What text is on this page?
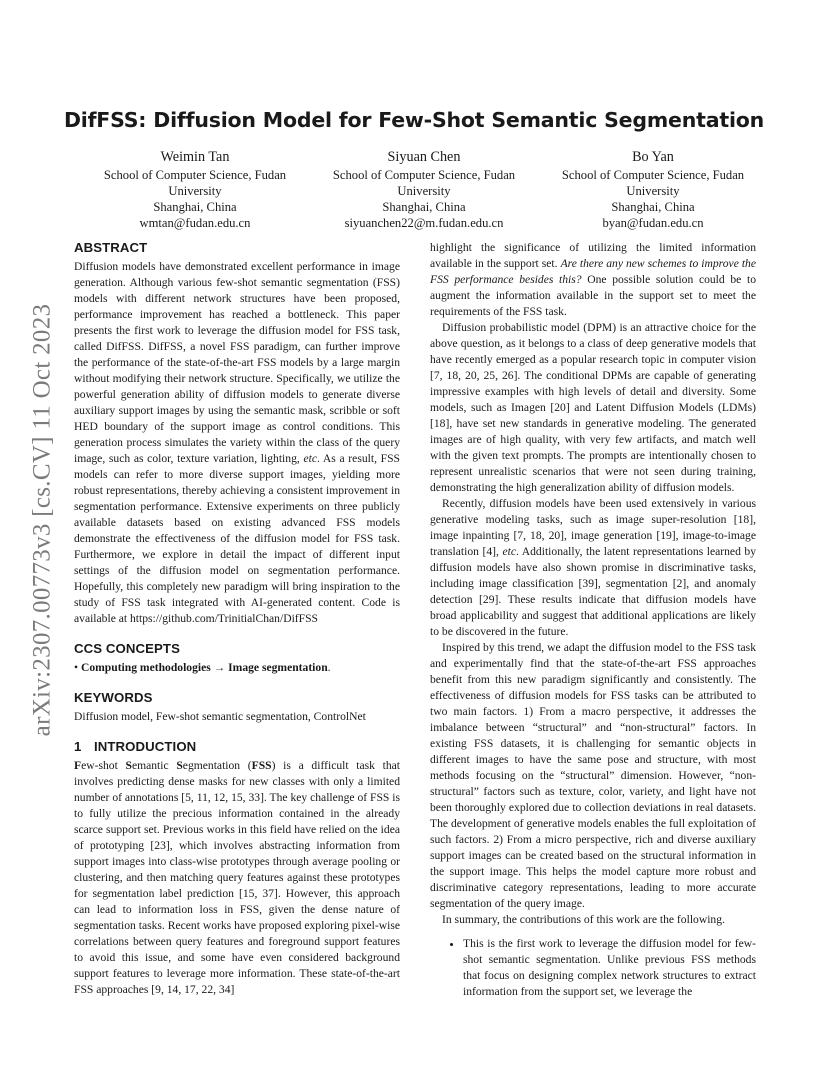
arXiv:2307.00773v3 [cs.CV] 11 Oct 2023
DifFSS: Diffusion Model for Few-Shot Semantic Segmentation
Weimin Tan
School of Computer Science, Fudan
University
Shanghai, China
wmtan@fudan.edu.cn
Siyuan Chen
School of Computer Science, Fudan
University
Shanghai, China
siyuanchen22@m.fudan.edu.cn
Bo Yan
School of Computer Science, Fudan
University
Shanghai, China
byan@fudan.edu.cn
ABSTRACT

Diffusion models have demonstrated excellent performance in image generation. Although various few-shot semantic segmentation (FSS) models with different network structures have been proposed, performance improvement has reached a bottleneck. This paper presents the first work to leverage the diffusion model for FSS task, called DifFSS. DifFSS, a novel FSS paradigm, can further improve the performance of the state-of-the-art FSS models by a large margin without modifying their network structure. Specifically, we utilize the powerful generation ability of diffusion models to generate diverse auxiliary support images by using the semantic mask, scribble or soft HED boundary of the support image as control conditions. This generation process simulates the variety within the class of the query image, such as color, texture variation, lighting, etc. As a result, FSS models can refer to more diverse support images, yielding more robust representations, thereby achieving a consistent improvement in segmentation performance. Extensive experiments on three publicly available datasets based on existing advanced FSS models demonstrate the effectiveness of the diffusion model for FSS task. Furthermore, we explore in detail the impact of different input settings of the diffusion model on segmentation performance. Hopefully, this completely new paradigm will bring inspiration to the study of FSS task integrated with AI-generated content. Code is available at https://github.com/TrinitialChan/DifFSS

CCS CONCEPTS

• Computing methodologies → Image segmentation.

KEYWORDS

Diffusion model, Few-shot semantic segmentation, ControlNet

1 INTRODUCTION

Few-shot Semantic Segmentation (FSS) is a difficult task that involves predicting dense masks for new classes with only a limited number of annotations [5, 11, 12, 15, 33]. The key challenge of FSS is to fully utilize the precious information contained in the already scarce support set. Previous works in this field have relied on the idea of prototyping [23], which involves abstracting information from support images into class-wise prototypes through average pooling or clustering, and then matching query features against these prototypes for segmentation label prediction [15, 37]. However, this approach can lead to information loss in FSS, given the dense nature of segmentation tasks. Recent works have proposed exploring pixel-wise correlations between query features and foreground support features to avoid this issue, and some have even considered background support features to leverage more information. These state-of-the-art FSS approaches [9, 14, 17, 22, 34]

highlight the significance of utilizing the limited information available in the support set. Are there any new schemes to improve the FSS performance besides this? One possible solution could be to augment the information available in the support set to meet the requirements of the FSS task.

Diffusion probabilistic model (DPM) is an attractive choice for the above question, as it belongs to a class of deep generative models that have recently emerged as a popular research topic in computer vision [7, 18, 20, 25, 26]. The conditional DPMs are capable of generating impressive examples with high levels of detail and diversity. Some models, such as Imagen [20] and Latent Diffusion Models (LDMs) [18], have set new standards in generative modeling. The generated images are of high quality, with very few artifacts, and match well with the given text prompts. The prompts are intentionally chosen to represent unrealistic scenarios that were not seen during training, demonstrating the high generalization ability of diffusion models.

Recently, diffusion models have been used extensively in various generative modeling tasks, such as image super-resolution [18], image inpainting [7, 18, 20], image generation [19], image-to-image translation [4], etc. Additionally, the latent representations learned by diffusion models have also shown promise in discriminative tasks, including image classification [39], segmentation [2], and anomaly detection [29]. These results indicate that diffusion models have broad applicability and suggest that additional applications are likely to be discovered in the future.

Inspired by this trend, we adapt the diffusion model to the FSS task and experimentally find that the state-of-the-art FSS approaches benefit from this new paradigm significantly and consistently. The effectiveness of diffusion models for FSS tasks can be attributed to two main factors. 1) From a macro perspective, it addresses the imbalance between “structural” and “non-structural” factors. In existing FSS datasets, it is challenging for semantic objects in different images to have the same pose and structure, with most methods focusing on the “structural” dimension. However, “non-structural” factors such as texture, color, variety, and light have not been thoroughly explored due to collection deviations in real datasets. The development of generative models enables the full exploitation of such factors. 2) From a micro perspective, rich and diverse auxiliary support images can be created based on the structural information in the support image. This helps the model capture more robust and discriminative category representations, leading to more accurate segmentation of the query image.

In summary, the contributions of this work are the following.

• This is the first work to leverage the diffusion model for few-shot semantic segmentation. Unlike previous FSS methods that focus on designing complex network structures to extract information from the support set, we leverage the
